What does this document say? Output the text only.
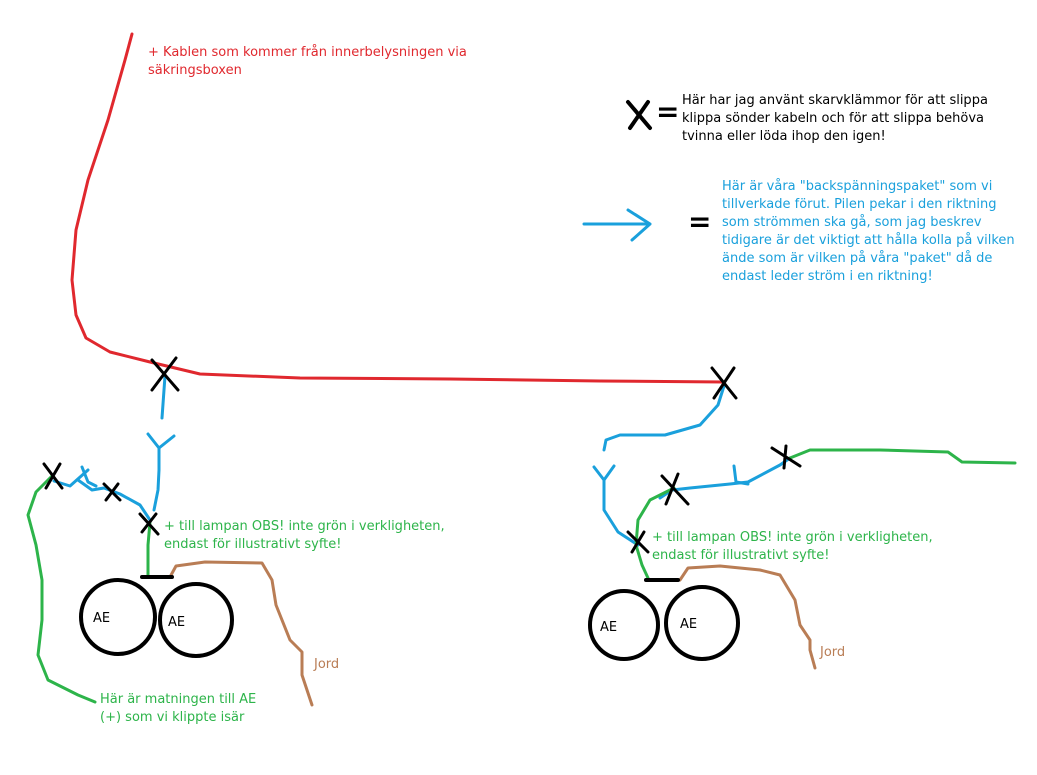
AE	AE	AE	AE
=
=
+ Kablen som kommer från innerbelysningen via
säkringsboxen
Här har jag använt skarvklämmor för att slippa
klippa sönder kabeln och för att slippa behöva
tvinna eller löda ihop den igen!
Här är våra "backspänningspaket" som vi
tillverkade förut. Pilen pekar i den riktning
som strömmen ska gå, som jag beskrev
tidigare är det viktigt att hålla kolla på vilken
ände som är vilken på våra "paket" då de
endast leder ström i en riktning!
+ till lampan OBS! inte grön i verkligheten,
endast för illustrativt syfte!	+ till lampan OBS! inte grön i verkligheten,
endast för illustrativt syfte!
Här är matningen till AE
(+) som vi klippte isär
Jord
Jord
